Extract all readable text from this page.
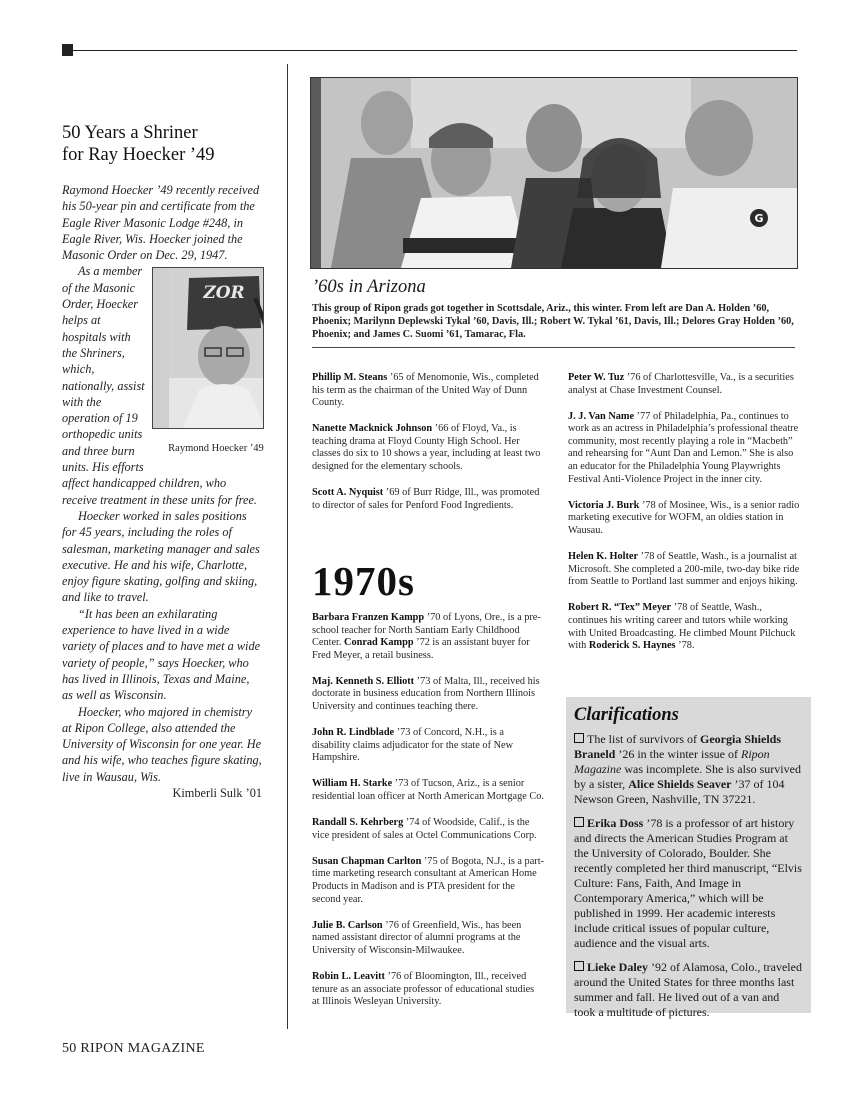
50 Years a Shriner
for Ray Hoecker ’49

Raymond Hoecker ’49 recently received his 50-year pin and certificate from the Eagle River Masonic Lodge #248, in Eagle River, Wis. Hoecker joined the Masonic Order on Dec. 29, 1947.

ZOR
Raymond Hoecker ’49
As a member of the Masonic Order, Hoecker helps at hospitals with the Shriners, which, nationally, assist with the operation of 19 orthopedic units and three burn units. His efforts affect handicapped children, who receive treatment in these units for free.

Hoecker worked in sales positions for 45 years, including the roles of salesman, marketing manager and sales executive. He and his wife, Charlotte, enjoy figure skating, golfing and skiing, and like to travel.

“It has been an exhilarating experience to have lived in a wide variety of places and to have met a wide variety of people,” says Hoecker, who has lived in Illinois, Texas and Maine, as well as Wisconsin.

Hoecker, who majored in chemistry at Ripon College, also attended the University of Wisconsin for one year. He and his wife, who teaches figure skating, live in Wausau, Wis.

Kimberli Sulk ’01

G
’60s in Arizona
This group of Ripon grads got together in Scottsdale, Ariz., this winter. From left are Dan A. Holden ’60, Phoenix; Marilynn Deplewski Tykal ’60, Davis, Ill.; Robert W. Tykal ’61, Davis, Ill.; Delores Gray Holden ’60, Phoenix; and James C. Suomi ’61, Tamarac, Fla.

Phillip M. Steans ’65 of Menomonie, Wis., completed his term as the chairman of the United Way of Dunn County.

Nanette Macknick Johnson ’66 of Floyd, Va., is teaching drama at Floyd County High School. Her classes do six to 10 shows a year, including at least two designed for the elementary schools.

Scott A. Nyquist ’69 of Burr Ridge, Ill., was promoted to director of sales for Penford Food Ingredients.

1970s

Barbara Franzen Kampp ’70 of Lyons, Ore., is a pre-school teacher for North Santiam Early Childhood Center. Conrad Kampp ’72 is an assistant buyer for Fred Meyer, a retail business.

Maj. Kenneth S. Elliott ’73 of Malta, Ill., received his doctorate in business education from Northern Illinois University and continues teaching there.

John R. Lindblade ’73 of Concord, N.H., is a disability claims adjudicator for the state of New Hampshire.

William H. Starke ’73 of Tucson, Ariz., is a senior residential loan officer at North American Mortgage Co.

Randall S. Kehrberg ’74 of Woodside, Calif., is the vice president of sales at Octel Communications Corp.

Susan Chapman Carlton ’75 of Bogota, N.J., is a part-time marketing research consultant at American Home Products in Madison and is PTA president for the second year.

Julie B. Carlson ’76 of Greenfield, Wis., has been named assistant director of alumni programs at the University of Wisconsin-Milwaukee.

Robin L. Leavitt ’76 of Bloomington, Ill., received tenure as an associate professor of educational studies at Illinois Wesleyan University.

Peter W. Tuz ’76 of Charlottesville, Va., is a securities analyst at Chase Investment Counsel.

J. J. Van Name ’77 of Philadelphia, Pa., continues to work as an actress in Philadelphia’s professional theatre community, most recently playing a role in “Macbeth” and rehearsing for “Aunt Dan and Lemon.” She is also an educator for the Philadelphia Young Playwrights Festival Anti-Violence Project in the inner city.

Victoria J. Burk ’78 of Mosinee, Wis., is a senior radio marketing executive for WOFM, an oldies station in Wausau.

Helen K. Holter ’78 of Seattle, Wash., is a journalist at Microsoft. She completed a 200-mile, two-day bike ride from Seattle to Portland last summer and enjoys hiking.

Robert R. “Tex” Meyer ’78 of Seattle, Wash., continues his writing career and tutors while working with United Broadcasting. He climbed Mount Pilchuck with Roderick S. Haynes ’78.

Clarifications

The list of survivors of Georgia Shields Braneld ’26 in the winter issue of Ripon Magazine was incomplete. She is also survived by a sister, Alice Shields Seaver ’37 of 104 Newson Green, Nashville, TN 37221.

Erika Doss ’78 is a professor of art history and directs the American Studies Program at the University of Colorado, Boulder. She recently completed her third manuscript, “Elvis Culture: Fans, Faith, And Image in Contemporary America,” which will be published in 1999. Her academic interests include critical issues of popular culture, audience and the visual arts.

Lieke Daley ’92 of Alamosa, Colo., traveled around the United States for three months last summer and fall. He lived out of a van and took a multitude of pictures.

50 RIPON MAGAZINE
